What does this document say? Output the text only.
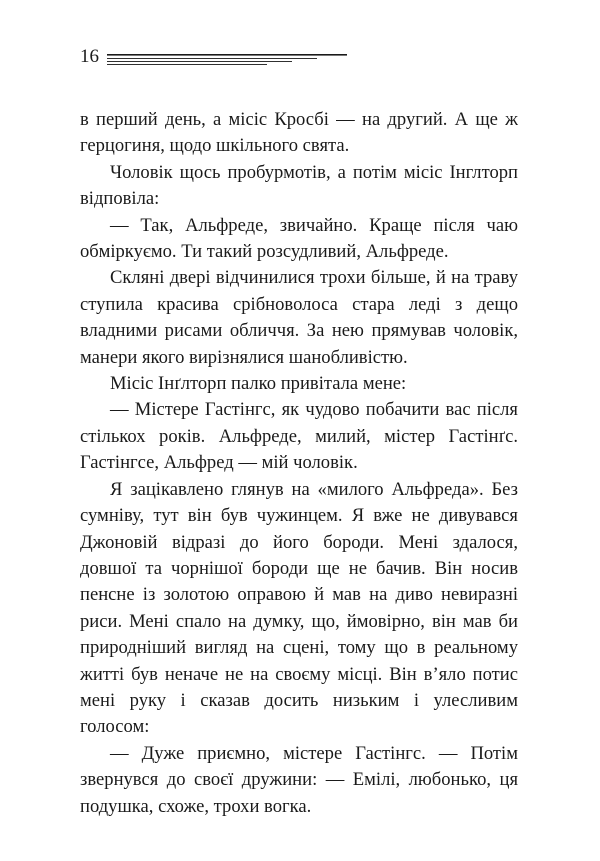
16

в перший день, а місіс Кросбі — на другий. А ще ж герцогиня, щодо шкільного свята.

Чоловік щось пробурмотів, а потім місіс Інглторп відповіла:

— Так, Альфреде, звичайно. Краще після чаю обміркуємо. Ти такий розсудливий, Альфреде.

Скляні двері відчинилися трохи більше, й на траву ступила красива срібноволоса стара леді з дещо владними рисами обличчя. За нею прямував чоловік, манери якого вирізнялися шанобливістю.

Місіс Інґлторп палко привітала мене:

— Містере Гастінгс, як чудово побачити вас після стількох років. Альфреде, милий, містер Гастінґс. Гастінгсе, Альфред — мій чоловік.

Я зацікавлено глянув на «милого Альфреда». Без сумніву, тут він був чужинцем. Я вже не дивувався Джоновій відразі до його бороди. Мені здалося, довшої та чорнішої бороди ще не бачив. Він носив пенсне із золотою оправою й мав на диво невиразні риси. Мені спало на думку, що, ймовірно, він мав би природніший вигляд на сцені, тому що в реальному житті був неначе не на своєму місці. Він в’яло потис мені руку і сказав досить низьким і улесливим голосом:

— Дуже приємно, містере Гастінгс. — Потім звернувся до своєї дружини: — Емілі, любонько, ця подушка, схоже, трохи вогка.
